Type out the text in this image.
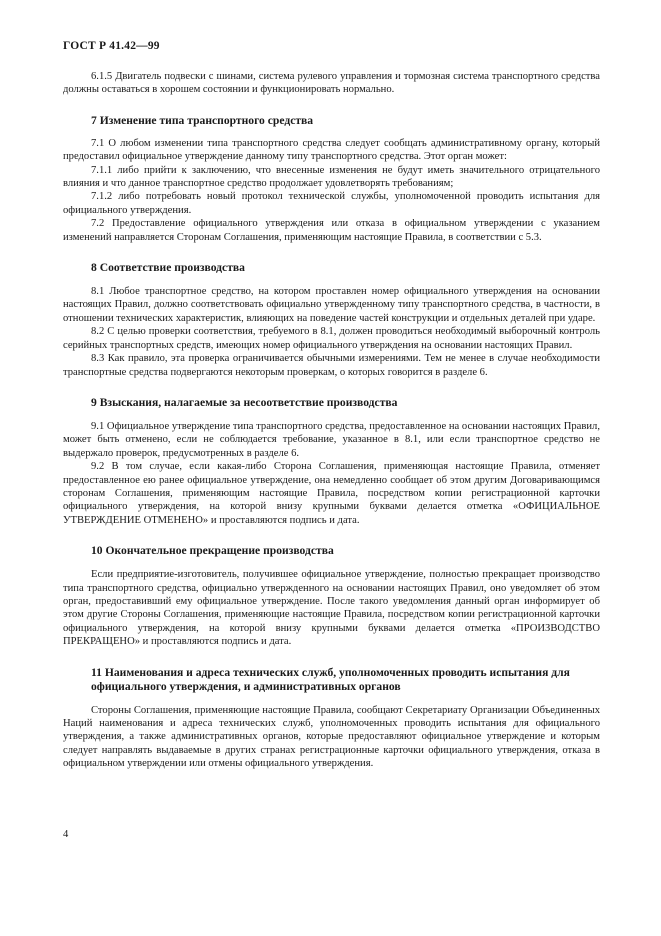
ГОСТ Р 41.42—99

6.1.5 Двигатель подвески с шинами, система рулевого управления и тормозная система транспортного средства должны оставаться в хорошем состоянии и функционировать нормально.

7 Изменение типа транспортного средства

7.1 О любом изменении типа транспортного средства следует сообщать административному органу, который предоставил официальное утверждение данному типу транспортного средства. Этот орган может:

7.1.1 либо прийти к заключению, что внесенные изменения не будут иметь значительного отрицательного влияния и что данное транспортное средство продолжает удовлетворять требованиям;

7.1.2 либо потребовать новый протокол технической службы, уполномоченной проводить испытания для официального утверждения.

7.2 Предоставление официального утверждения или отказа в официальном утверждении с указанием изменений направляется Сторонам Соглашения, применяющим настоящие Правила, в соответствии с 5.3.

8 Соответствие производства

8.1 Любое транспортное средство, на котором проставлен номер официального утверждения на основании настоящих Правил, должно соответствовать официально утвержденному типу транспортного средства, в частности, в отношении технических характеристик, влияющих на поведение частей конструкции и отдельных деталей при ударе.

8.2 С целью проверки соответствия, требуемого в 8.1, должен проводиться необходимый выборочный контроль серийных транспортных средств, имеющих номер официального утверждения на основании настоящих Правил.

8.3 Как правило, эта проверка ограничивается обычными измерениями. Тем не менее в случае необходимости транспортные средства подвергаются некоторым проверкам, о которых говорится в разделе 6.

9 Взыскания, налагаемые за несоответствие производства

9.1 Официальное утверждение типа транспортного средства, предоставленное на основании настоящих Правил, может быть отменено, если не соблюдается требование, указанное в 8.1, или если транспортное средство не выдержало проверок, предусмотренных в разделе 6.

9.2 В том случае, если какая-либо Сторона Соглашения, применяющая настоящие Правила, отменяет предоставленное ею ранее официальное утверждение, она немедленно сообщает об этом другим Договаривающимся сторонам Соглашения, применяющим настоящие Правила, посредством копии регистрационной карточки официального утверждения, на которой внизу крупными буквами делается отметка «ОФИЦИАЛЬНОЕ УТВЕРЖДЕНИЕ ОТМЕНЕНО» и проставляются подпись и дата.

10 Окончательное прекращение производства

Если предприятие-изготовитель, получившее официальное утверждение, полностью прекращает производство типа транспортного средства, официально утвержденного на основании настоящих Правил, оно уведомляет об этом орган, предоставивший ему официальное утверждение. После такого уведомления данный орган информирует об этом другие Стороны Соглашения, применяющие настоящие Правила, посредством копии регистрационной карточки официального утверждения, на которой внизу крупными буквами делается отметка «ПРОИЗВОДСТВО ПРЕКРАЩЕНО» и проставляются подпись и дата.

11 Наименования и адреса технических служб, уполномоченных проводить испытания для официального утверждения, и административных органов

Стороны Соглашения, применяющие настоящие Правила, сообщают Секретариату Организации Объединенных Наций наименования и адреса технических служб, уполномоченных проводить испытания для официального утверждения, а также административных органов, которые предоставляют официальное утверждение и которым следует направлять выдаваемые в других странах регистрационные карточки официального утверждения, отказа в официальном утверждении или отмены официального утверждения.

4
